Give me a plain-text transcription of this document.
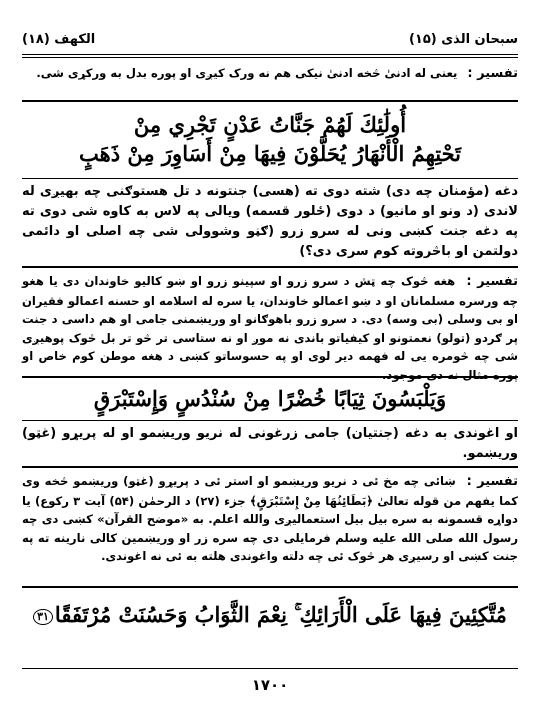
سبحان الذی (۱۵)
الکھف (۱۸)
تفسیر : یعنی له ادنیٰ څخه ادنیٰ نیکی هم نه ورک کیږی او پوره بدل به ورکړی شی.
أُولَٰئِكَ لَهُمْ جَنَّاتُ عَدْنٍ تَجْرِي مِنْ
تَحْتِهِمُ الْأَنْهَارُ يُحَلَّوْنَ فِيهَا مِنْ أَسَاوِرَ مِنْ ذَهَبٍ
دغه (مؤمنان چه دی) شته دوی ته (هسی) جنتونه د تل هستوګنی چه بهیږی له لاندی (د ونو او مانیو) د دوی (ځلور قسمه) ویالی په لاس به کاوه شی دوی ته په دغه جنت کښی ونی له سرو زرو (ګڼو وشوولی شی چه اصلی او دائمی دولتمن او باڅروته کوم سری دی؟)
تفسیر : هغه څوک چه ټش د سرو زرو او سپینو زرو او ښو کالیو خاوندان دی یا هغو چه ورسره مسلمانان او د ښو اعمالو خاوندان، یا سره له اسلامه او حسنه اعمالو فقیران او بی وسلی (بی وسه) دی. د سرو زرو باهوګانو او وریښمنی جامی او هم داسی د جنت پر ګردو (تولو) نعمتونو او کیفیاتو باندی نه موږ او نه ستاسی تر څو تر بل څوک پوهیږی شی چه څومره یی له فهمه دیر لوی او په حسوساتو کښی د هغه موطن کوم خاص او پوره مثال نه دی موجود.
وَيَلْبَسُونَ ثِيَابًا خُضْرًا مِنْ سُنْدُسٍ وَإِسْتَبْرَقٍ
او اغوندی به دغه (جنتیان) جامی زرغونی له نریو وریښمو او له پریړو (غټو) وریښمو.
تفسیر : ښائی چه مخ ئی د نریو وریښمو او استر ئی د پریړو (غټو) وریښمو څخه وی کما یفهم من قوله تعالیٰ ﴿بَطَائِنُهَا مِنْ إِسْتَبْرَقٍ﴾ جزء (۲۷) د الرحمٰن (۵۴) آیت ۳ رکوع) یا دواړه قسمونه به سره بیل بیل استعمالیږی والله اعلم. به «موضح القرآن» کښی دی چه رسول الله صلی الله علیه وسلم فرمایلی دی چه سره زر او وریښمین کالی نارینه ته په جنت کښی او رسیږی هر څوک ئی چه دلته واغوندی هلته به ئی نه اغوندی.
مُتَّكِئِينَ فِيهَا عَلَى الْأَرَائِكِ ۚ نِعْمَ الثَّوَابُ وَحَسُنَتْ مُرْتَفَقًا۳۱
۱۷۰۰
